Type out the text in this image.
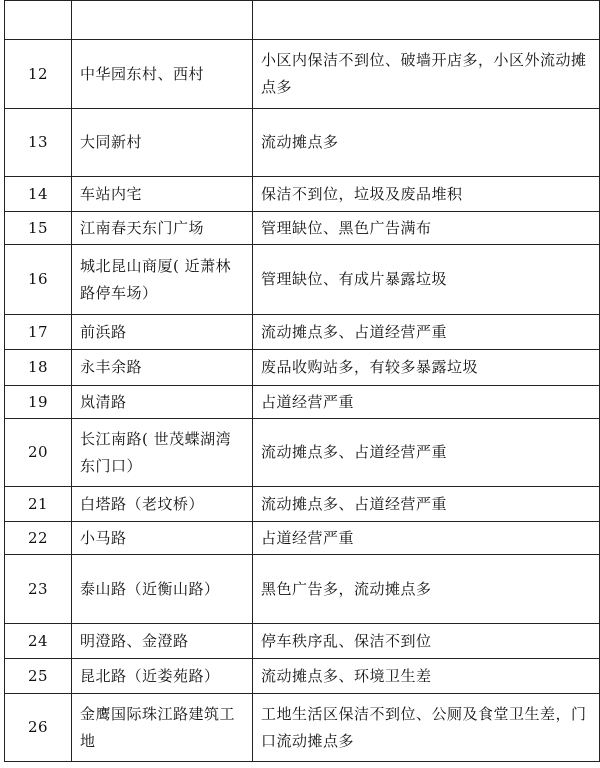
12	中华园东村、西村	小区内保洁不到位、破墙开店多，小区外流动摊点多
13	大同新村	流动摊点多
14	车站内宅	保洁不到位，垃圾及废品堆积
15	江南春天东门广场	管理缺位、黑色广告满布
16	城北昆山商厦( 近萧林路停车场）	管理缺位、有成片暴露垃圾
17	前浜路	流动摊点多、占道经营严重
18	永丰余路	废品收购站多，有较多暴露垃圾
19	岚清路	占道经营严重
20	长江南路( 世茂蝶湖湾东门口）	流动摊点多、占道经营严重
21	白塔路（老坟桥）	流动摊点多、占道经营严重
22	小马路	占道经营严重
23	泰山路（近衡山路）	黑色广告多，流动摊点多
24	明澄路、金澄路	停车秩序乱、保洁不到位
25	昆北路（近娄苑路）	流动摊点多、环境卫生差
26	金鹰国际珠江路建筑工地	工地生活区保洁不到位、公厕及食堂卫生差，门口流动摊点多
